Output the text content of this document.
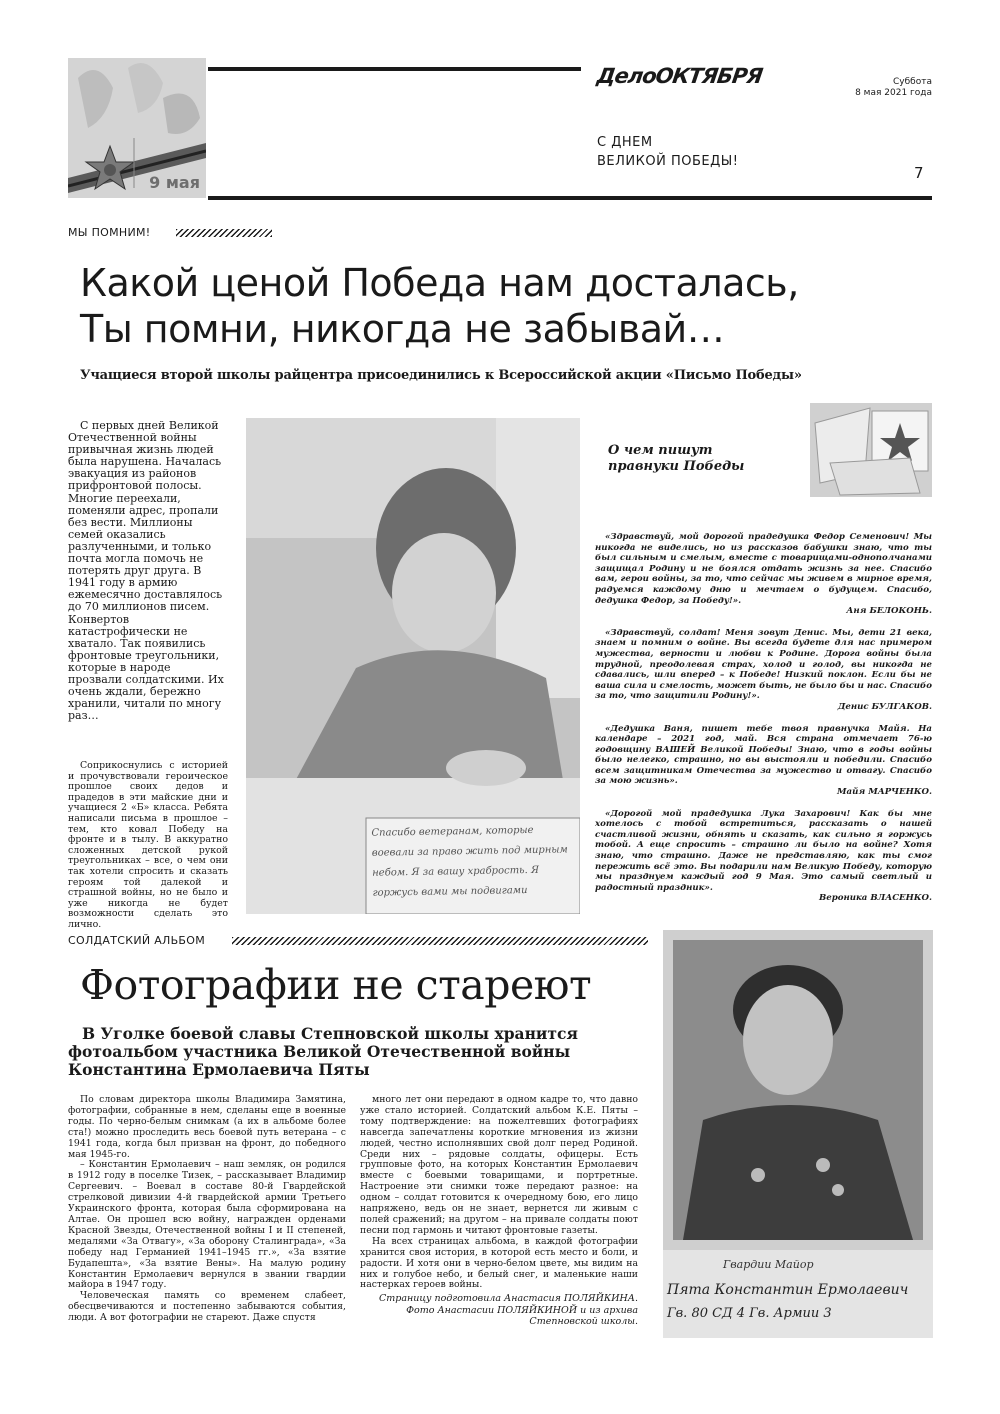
9 мая
ДелоОКТЯБРЯ	Суббота
8 мая 2021 года
С ДНЕМ
ВЕЛИКОЙ ПОБЕДЫ!
7
МЫ ПОМНИМ!
Какой ценой Победа нам досталась,
Ты помни, никогда не забывай…
Учащиеся второй школы райцентра присоединились к Всероссийской акции «Письмо Победы»

С первых дней Великой Отечественной войны привычная жизнь людей была нарушена. Началась эвакуация из районов прифронтовой полосы. Многие переехали, поменяли адрес, пропали без вести. Миллионы семей оказались разлученными, и только почта могла помочь не потерять друг друга. В 1941 году в армию ежемесячно доставлялось до 70 миллионов писем. Конвертов катастрофически не хватало. Так появились фронтовые треугольники, которые в народе прозвали солдатскими. Их очень ждали, бережно хранили, читали по многу раз…

Соприкоснулись с историей и прочувствовали героическое прошлое своих дедов и прадедов в эти майские дни и учащиеся 2 «Б» класса. Ребята написали письма в прошлое – тем, кто ковал Победу на фронте и в тылу. В аккуратно сложенных детской рукой треугольниках – все, о чем они так хотели спросить и сказать героям той далекой и страшной войны, но не было и уже никогда не будет возможности сделать это лично.

Спасибо ветеранам, которые воевали за право жить под мирным небом. Я за вашу храбрость. Я горжусь вами мы подвигами
О чем пишут
правнуки Победы

«Здравствуй, мой дорогой прадедушка Федор Семенович! Мы никогда не виделись, но из рассказов бабушки знаю, что ты был сильным и смелым, вместе с товарищами-однополчанами защищал Родину и не боялся отдать жизнь за нее. Спасибо вам, герои войны, за то, что сейчас мы живем в мирное время, радуемся каждому дню и мечтаем о будущем. Спасибо, дедушка Федор, за Победу!».

Аня БЕЛОКОНЬ.

«Здравствуй, солдат! Меня зовут Денис. Мы, дети 21 века, знаем и помним о войне. Вы всегда будете для нас примером мужества, верности и любви к Родине. Дорога войны была трудной, преодолевая страх, холод и голод, вы никогда не сдавались, шли вперед – к Победе! Низкий поклон. Если бы не ваша сила и смелость, может быть, не было бы и нас. Спасибо за то, что защитили Родину!».

Денис БУЛГАКОВ.

«Дедушка Ваня, пишет тебе твоя правнучка Майя. На календаре – 2021 год, май. Вся страна отмечает 76-ю годовщину ВАШЕЙ Великой Победы! Знаю, что в годы войны было нелегко, страшно, но вы выстояли и победили. Спасибо всем защитникам Отечества за мужество и отвагу. Спасибо за мою жизнь».

Майя МАРЧЕНКО.

«Дорогой мой прадедушка Лука Захарович! Как бы мне хотелось с тобой встретиться, рассказать о нашей счастливой жизни, обнять и сказать, как сильно я горжусь тобой. А еще спросить – страшно ли было на войне? Хотя знаю, что страшно. Даже не представляю, как ты смог пережить всё это. Вы подарили нам Великую Победу, которую мы празднуем каждый год 9 Мая. Это самый светлый и радостный праздник».

Вероника ВЛАСЕНКО.
СОЛДАТСКИЙ АЛЬБОМ
Фотографии не стареют
В Уголке боевой славы Степновской школы хранится
фотоальбом участника Великой Отечественной войны
Константина Ермолаевича Пяты

По словам директора школы Владимира Замятина, фотографии, собранные в нем, сделаны еще в военные годы. По черно-белым снимкам (а их в альбоме более ста!) можно проследить весь боевой путь ветерана – с 1941 года, когда был призван на фронт, до победного мая 1945-го.

– Константин Ермолаевич – наш земляк, он родился в 1912 году в поселке Тизек, – рассказывает Владимир Сергеевич. – Воевал в составе 80-й Гвардейской стрелковой дивизии 4-й гвардейской армии Третьего Украинского фронта, которая была сформирована на Алтае. Он прошел всю войну, награжден орденами Красной Звезды, Отечественной войны I и II степеней, медалями «За Отвагу», «За оборону Сталинграда», «За победу над Германией 1941–1945 гг.», «За взятие Будапешта», «За взятие Вены». На малую родину Константин Ермолаевич вернулся в звании гвардии майора в 1947 году.

Человеческая память со временем слабеет, обесцвечиваются и постепенно забываются события, люди. А вот фотографии не стареют. Даже спустя

много лет они передают в одном кадре то, что давно уже стало историей. Солдатский альбом К.Е. Пяты – тому подтверждение: на пожелтевших фотографиях навсегда запечатлены короткие мгновения из жизни людей, честно исполнявших свой долг перед Родиной. Среди них – рядовые солдаты, офицеры. Есть групповые фото, на которых Константин Ермолаевич вместе с боевыми товарищами, и портретные. Настроение эти снимки тоже передают разное: на одном – солдат готовится к очередному бою, его лицо напряжено, ведь он не знает, вернется ли живым с полей сражений; на другом – на привале солдаты поют песни под гармонь и читают фронтовые газеты.

На всех страницах альбома, в каждой фотографии хранится своя история, в которой есть место и боли, и радости. И хотя они в черно-белом цвете, мы видим на них и голубое небо, и белый снег, и маленькие наши настерках героев войны.

Страницу подготовила Анастасия ПОЛЯЙКИНА.
Фото Анастасии ПОЛЯЙКИНОЙ и из архива
Степновской школы.
Гвардии Майор
Пята Константин Ермолаевич
Гв. 80 СД 4 Гв. Армии 3
